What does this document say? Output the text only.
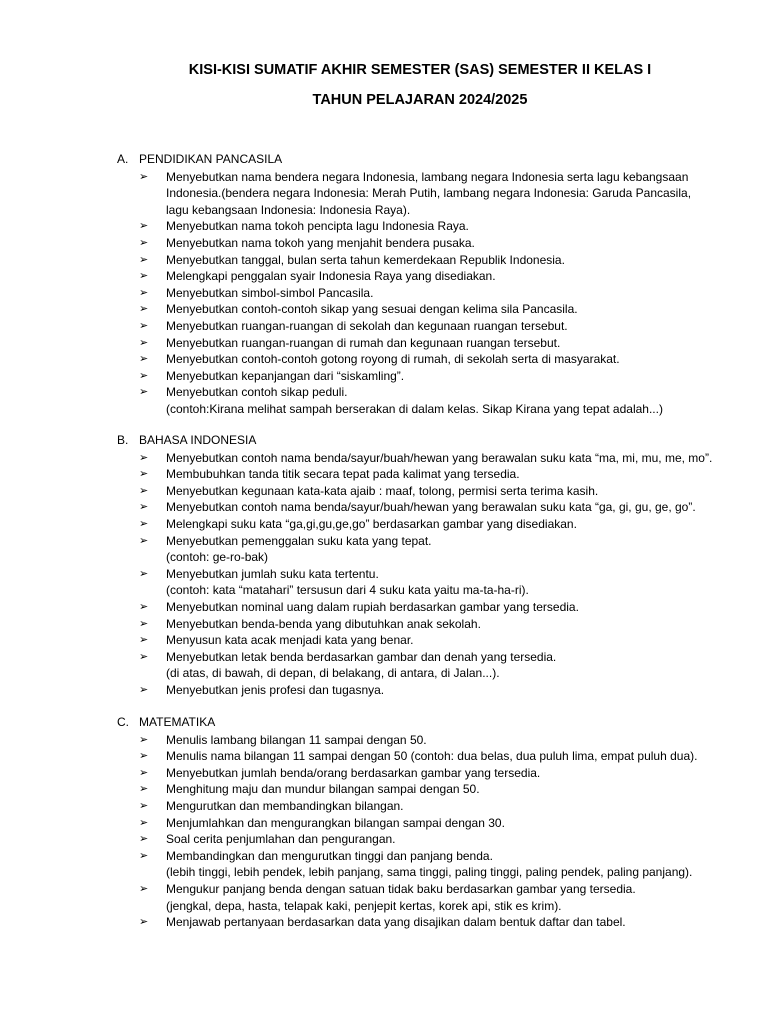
KISI-KISI SUMATIF AKHIR SEMESTER (SAS) SEMESTER II KELAS I
TAHUN PELAJARAN 2024/2025
A. PENDIDIKAN PANCASILA
➢	Menyebutkan nama bendera negara Indonesia, lambang negara Indonesia serta lagu kebangsaan
Indonesia.(bendera negara Indonesia: Merah Putih, lambang negara Indonesia: Garuda Pancasila,
lagu kebangsaan Indonesia: Indonesia Raya).
➢	Menyebutkan nama tokoh pencipta lagu Indonesia Raya.
➢	Menyebutkan nama tokoh yang menjahit bendera pusaka.
➢	Menyebutkan tanggal, bulan serta tahun kemerdekaan Republik Indonesia.
➢	Melengkapi penggalan syair Indonesia Raya yang disediakan.
➢	Menyebutkan simbol-simbol Pancasila.
➢	Menyebutkan contoh-contoh sikap yang sesuai dengan kelima sila Pancasila.
➢	Menyebutkan ruangan-ruangan di sekolah dan kegunaan ruangan tersebut.
➢	Menyebutkan ruangan-ruangan di rumah dan kegunaan ruangan tersebut.
➢	Menyebutkan contoh-contoh gotong royong di rumah, di sekolah serta di masyarakat.
➢	Menyebutkan kepanjangan dari “siskamling”.
➢	Menyebutkan contoh sikap peduli.
(contoh:Kirana melihat sampah berserakan di dalam kelas. Sikap Kirana yang tepat adalah...)
B. BAHASA INDONESIA
➢	Menyebutkan contoh nama benda/sayur/buah/hewan yang berawalan suku kata “ma, mi, mu, me, mo”.
➢	Membubuhkan tanda titik secara tepat pada kalimat yang tersedia.
➢	Menyebutkan kegunaan kata-kata ajaib : maaf, tolong, permisi serta terima kasih.
➢	Menyebutkan contoh nama benda/sayur/buah/hewan yang berawalan suku kata “ga, gi, gu, ge, go”.
➢	Melengkapi suku kata “ga,gi,gu,ge,go” berdasarkan gambar yang disediakan.
➢	Menyebutkan pemenggalan suku kata yang tepat.
(contoh: ge-ro-bak)
➢	Menyebutkan jumlah suku kata tertentu.
(contoh: kata “matahari” tersusun dari 4 suku kata yaitu ma-ta-ha-ri).
➢	Menyebutkan nominal uang dalam rupiah berdasarkan gambar yang tersedia.
➢	Menyebutkan benda-benda yang dibutuhkan anak sekolah.
➢	Menyusun kata acak menjadi kata yang benar.
➢	Menyebutkan letak benda berdasarkan gambar dan denah yang tersedia.
(di atas, di bawah, di depan, di belakang, di antara, di Jalan...).
➢	Menyebutkan jenis profesi dan tugasnya.
C. MATEMATIKA
➢	Menulis lambang bilangan 11 sampai dengan 50.
➢	Menulis nama bilangan 11 sampai dengan 50 (contoh: dua belas, dua puluh lima, empat puluh dua).
➢	Menyebutkan jumlah benda/orang berdasarkan gambar yang tersedia.
➢	Menghitung maju dan mundur bilangan sampai dengan 50.
➢	Mengurutkan dan membandingkan bilangan.
➢	Menjumlahkan dan mengurangkan bilangan sampai dengan 30.
➢	Soal cerita penjumlahan dan pengurangan.
➢	Membandingkan dan mengurutkan tinggi dan panjang benda.
(lebih tinggi, lebih pendek, lebih panjang, sama tinggi, paling tinggi, paling pendek, paling panjang).
➢	Mengukur panjang benda dengan satuan tidak baku berdasarkan gambar yang tersedia.
(jengkal, depa, hasta, telapak kaki, penjepit kertas, korek api, stik es krim).
➢	Menjawab pertanyaan berdasarkan data yang disajikan dalam bentuk daftar dan tabel.
